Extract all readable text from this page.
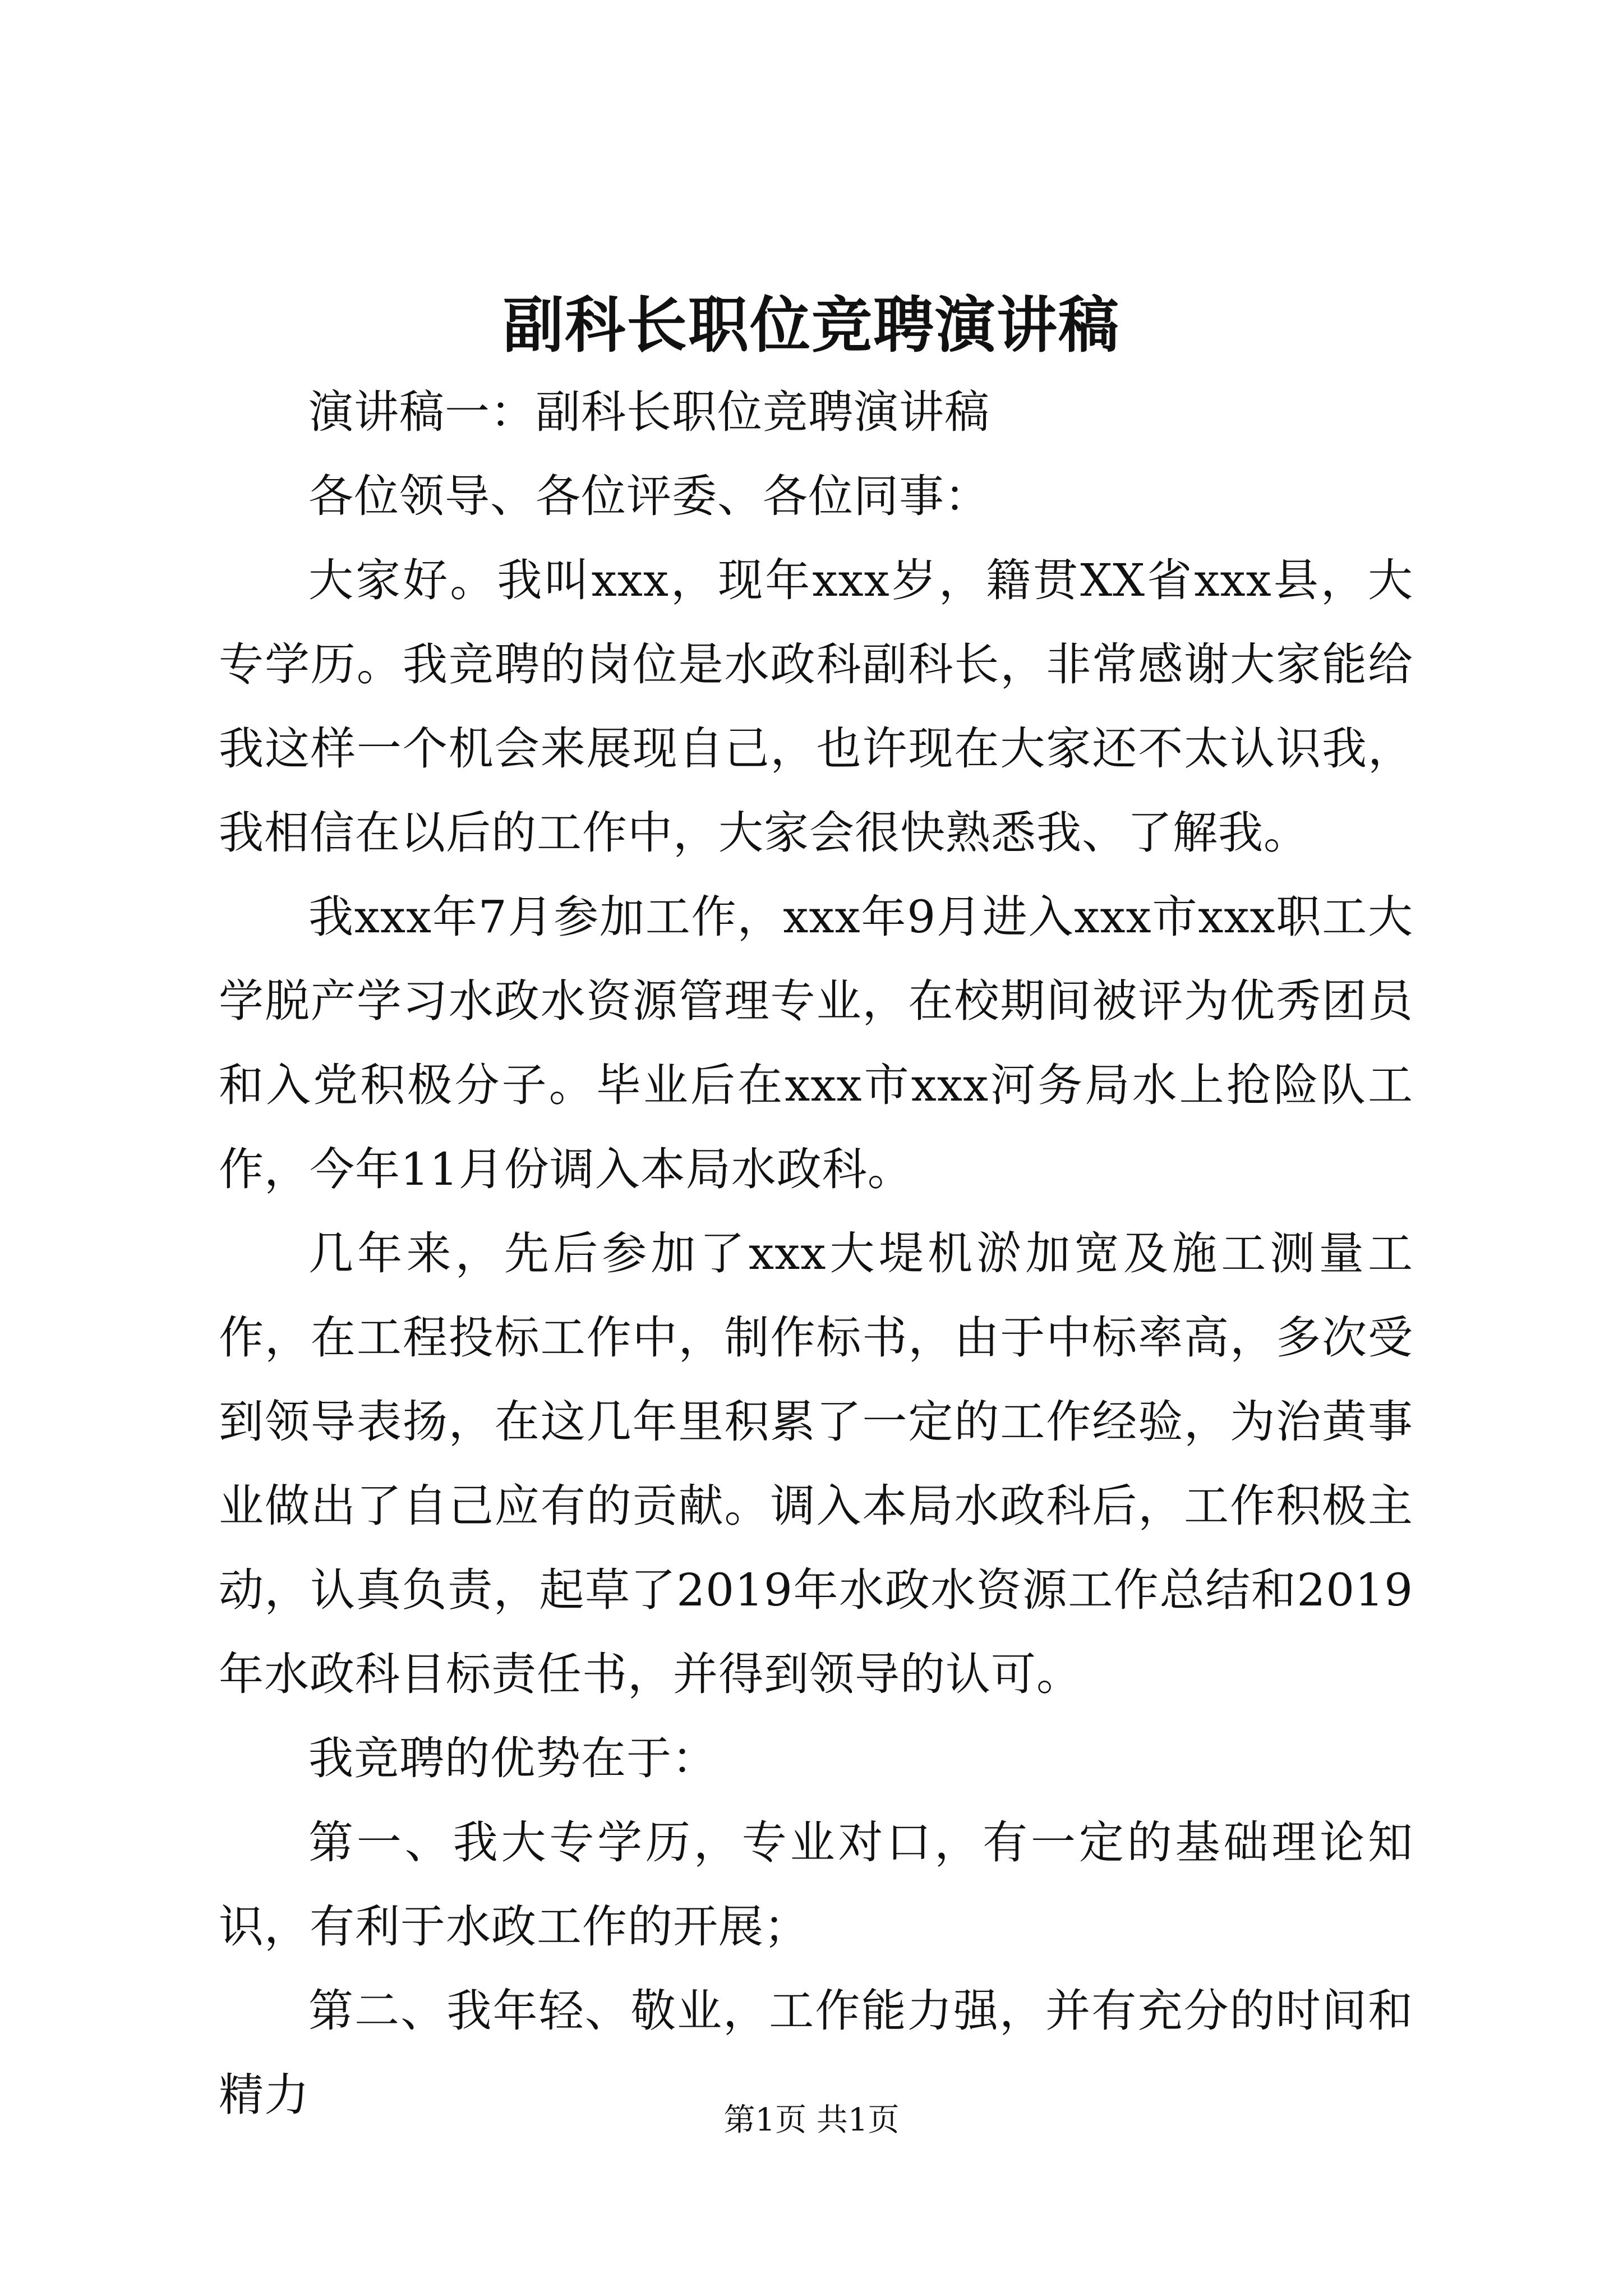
副科长职位竞聘演讲稿

演讲稿一：副科长职位竞聘演讲稿

各位领导、各位评委、各位同事：

大家好。我叫xxx，现年xxx岁，籍贯XX省xxx县，大专学历。我竞聘的岗位是水政科副科长，非常感谢大家能给我这样一个机会来展现自己，也许现在大家还不太认识我，我相信在以后的工作中，大家会很快熟悉我、了解我。

我xxx年7月参加工作，xxx年9月进入xxx市xxx职工大学脱产学习水政水资源管理专业，在校期间被评为优秀团员和入党积极分子。毕业后在xxx市xxx河务局水上抢险队工作，今年11月份调入本局水政科。

几年来，先后参加了xxx大堤机淤加宽及施工测量工作，在工程投标工作中，制作标书，由于中标率高，多次受到领导表扬，在这几年里积累了一定的工作经验，为治黄事业做出了自己应有的贡献。调入本局水政科后，工作积极主动，认真负责，起草了2019年水政水资源工作总结和2019年水政科目标责任书，并得到领导的认可。

我竞聘的优势在于：

第一、我大专学历，专业对口，有一定的基础理论知识，有利于水政工作的开展；

第二、我年轻、敬业，工作能力强，并有充分的时间和精力	第1页 共1页
